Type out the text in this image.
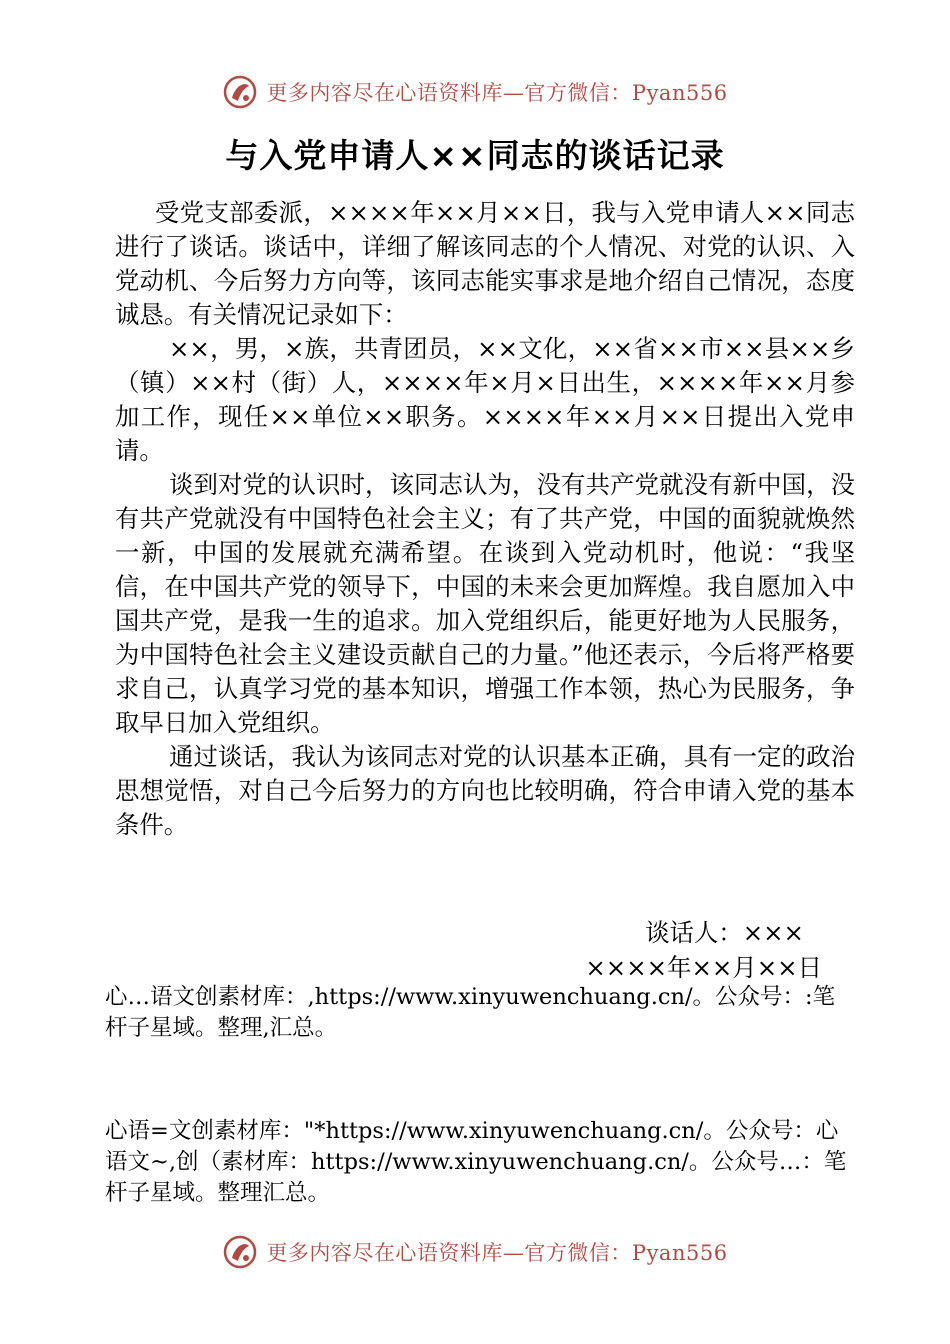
更多内容尽在心语资料库—官方微信：Pyan556
与入党申请人××同志的谈话记录

受党支部委派，××××年××月××日，我与入党申请人××同志进行了谈话。谈话中，详细了解该同志的个人情况、对党的认识、入党动机、今后努力方向等，该同志能实事求是地介绍自己情况，态度诚恳。有关情况记录如下：

××，男，×族，共青团员，××文化，××省××市××县××乡（镇）××村（街）人，××××年×月×日出生，××××年××月参加工作，现任××单位××职务。××××年××月××日提出入党申请。

谈到对党的认识时，该同志认为，没有共产党就没有新中国，没有共产党就没有中国特色社会主义；有了共产党，中国的面貌就焕然一新，中国的发展就充满希望。在谈到入党动机时，他说：“我坚信，在中国共产党的领导下，中国的未来会更加辉煌。我自愿加入中国共产党，是我一生的追求。加入党组织后，能更好地为人民服务，为中国特色社会主义建设贡献自己的力量。”他还表示，今后将严格要求自己，认真学习党的基本知识，增强工作本领，热心为民服务，争取早日加入党组织。

通过谈话，我认为该同志对党的认识基本正确，具有一定的政治思想觉悟，对自己今后努力的方向也比较明确，符合申请入党的基本条件。

谈话人：×××
××××年××月××日

心…语文创素材库：,https://www.xinyuwenchuang.cn/。公众号：:笔杆子星域。整理,汇总。

心语=文创素材库："*https://www.xinyuwenchuang.cn/。公众号：心语文~,创（素材库：https://www.xinyuwenchuang.cn/。公众号…：笔杆子星域。整理汇总。

更多内容尽在心语资料库—官方微信：Pyan556
